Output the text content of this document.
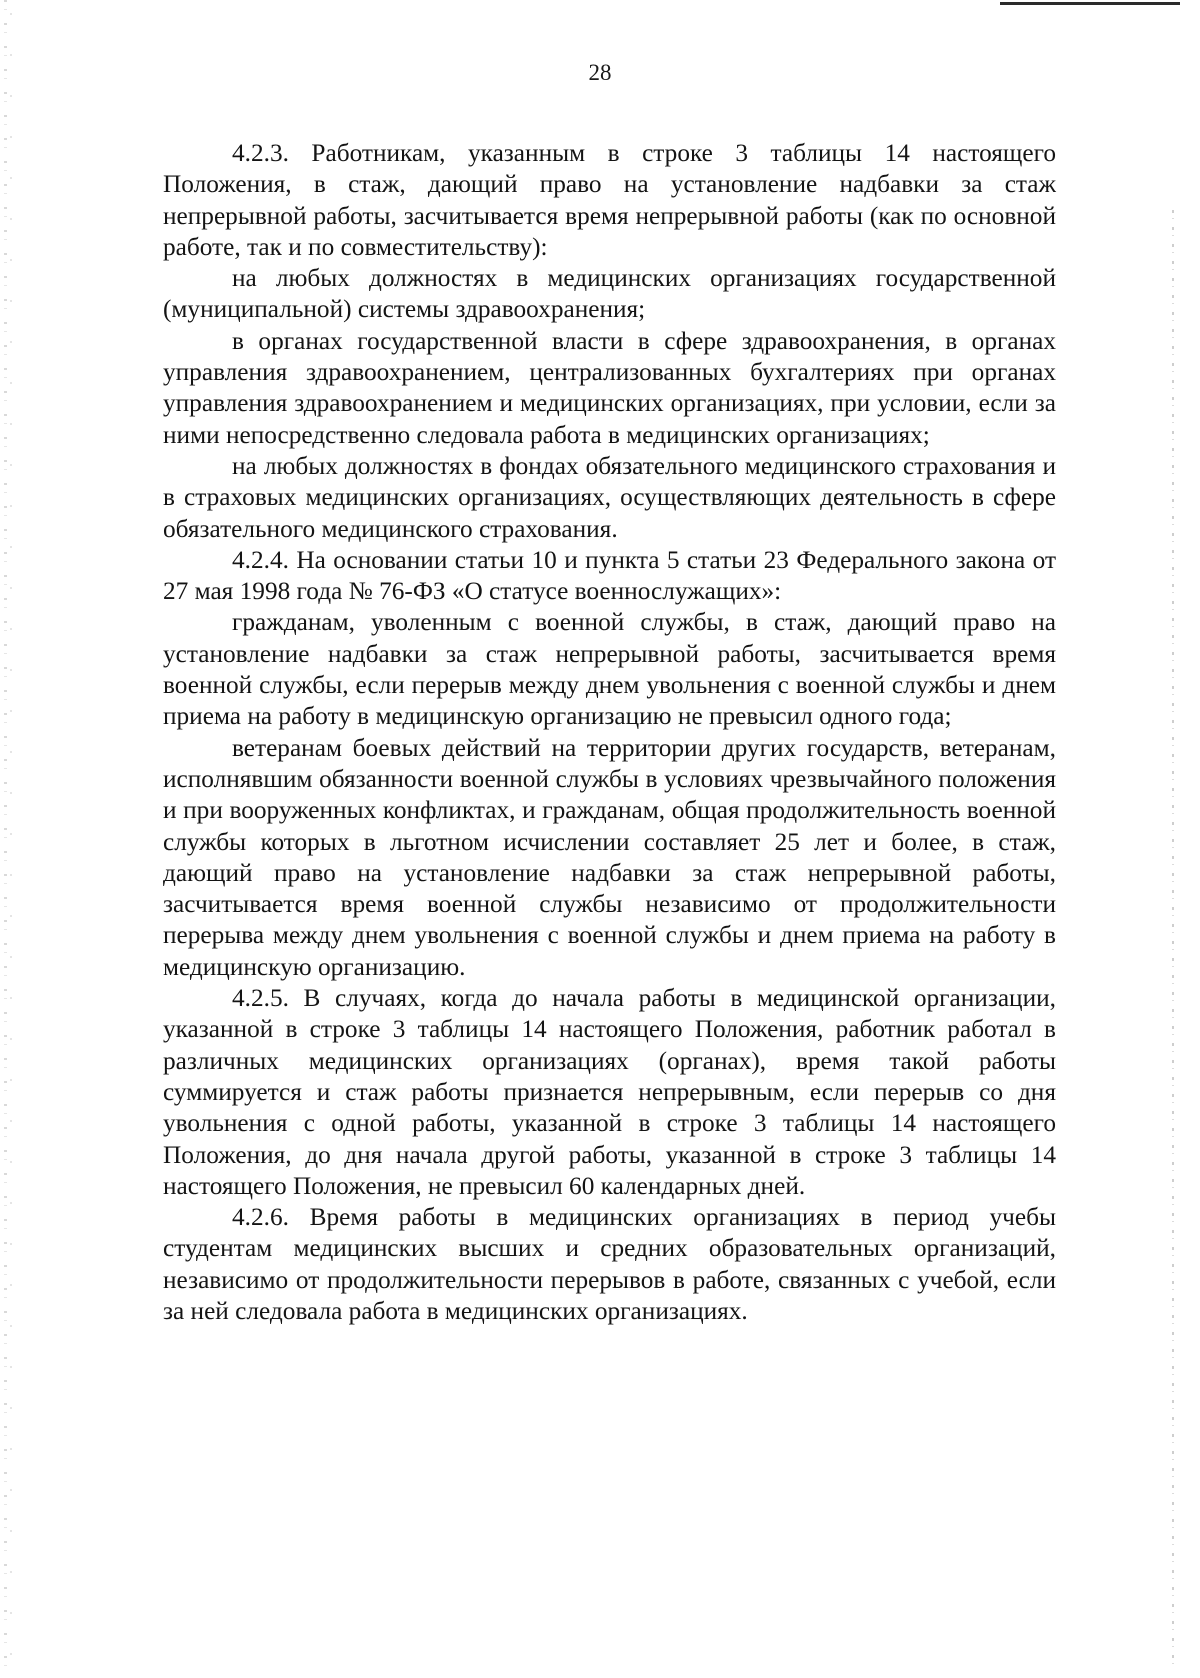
28

4.2.3. Работникам, указанным в строке 3 таблицы 14 настоящего Положения, в стаж, дающий право на установление надбавки за стаж непрерывной работы, засчитывается время непрерывной работы (как по основной работе, так и по совместительству):

на любых должностях в медицинских организациях государственной (муниципальной) системы здравоохранения;

в органах государственной власти в сфере здравоохранения, в органах управления здравоохранением, централизованных бухгалтериях при органах управления здравоохранением и медицинских организациях, при условии, если за ними непосредственно следовала работа в медицинских организациях;

на любых должностях в фондах обязательного медицинского страхования и в страховых медицинских организациях, осуществляющих деятельность в сфере обязательного медицинского страхования.

4.2.4. На основании статьи 10 и пункта 5 статьи 23 Федерального закона от 27 мая 1998 года № 76-ФЗ «О статусе военнослужащих»:

гражданам, уволенным с военной службы, в стаж, дающий право на установление надбавки за стаж непрерывной работы, засчитывается время военной службы, если перерыв между днем увольнения с военной службы и днем приема на работу в медицинскую организацию не превысил одного года;

ветеранам боевых действий на территории других государств, ветеранам, исполнявшим обязанности военной службы в условиях чрезвычайного положения и при вооруженных конфликтах, и гражданам, общая продолжительность военной службы которых в льготном исчислении составляет 25 лет и более, в стаж, дающий право на установление надбавки за стаж непрерывной работы, засчитывается время военной службы независимо от продолжительности перерыва между днем увольнения с военной службы и днем приема на работу в медицинскую организацию.

4.2.5. В случаях, когда до начала работы в медицинской организации, указанной в строке 3 таблицы 14 настоящего Положения, работник работал в различных медицинских организациях (органах), время такой работы суммируется и стаж работы признается непрерывным, если перерыв со дня увольнения с одной работы, указанной в строке 3 таблицы 14 настоящего Положения, до дня начала другой работы, указанной в строке 3 таблицы 14 настоящего Положения, не превысил 60 календарных дней.

4.2.6. Время работы в медицинских организациях в период учебы студентам медицинских высших и средних образовательных организаций, независимо от продолжительности перерывов в работе, связанных с учебой, если за ней следовала работа в медицинских организациях.
